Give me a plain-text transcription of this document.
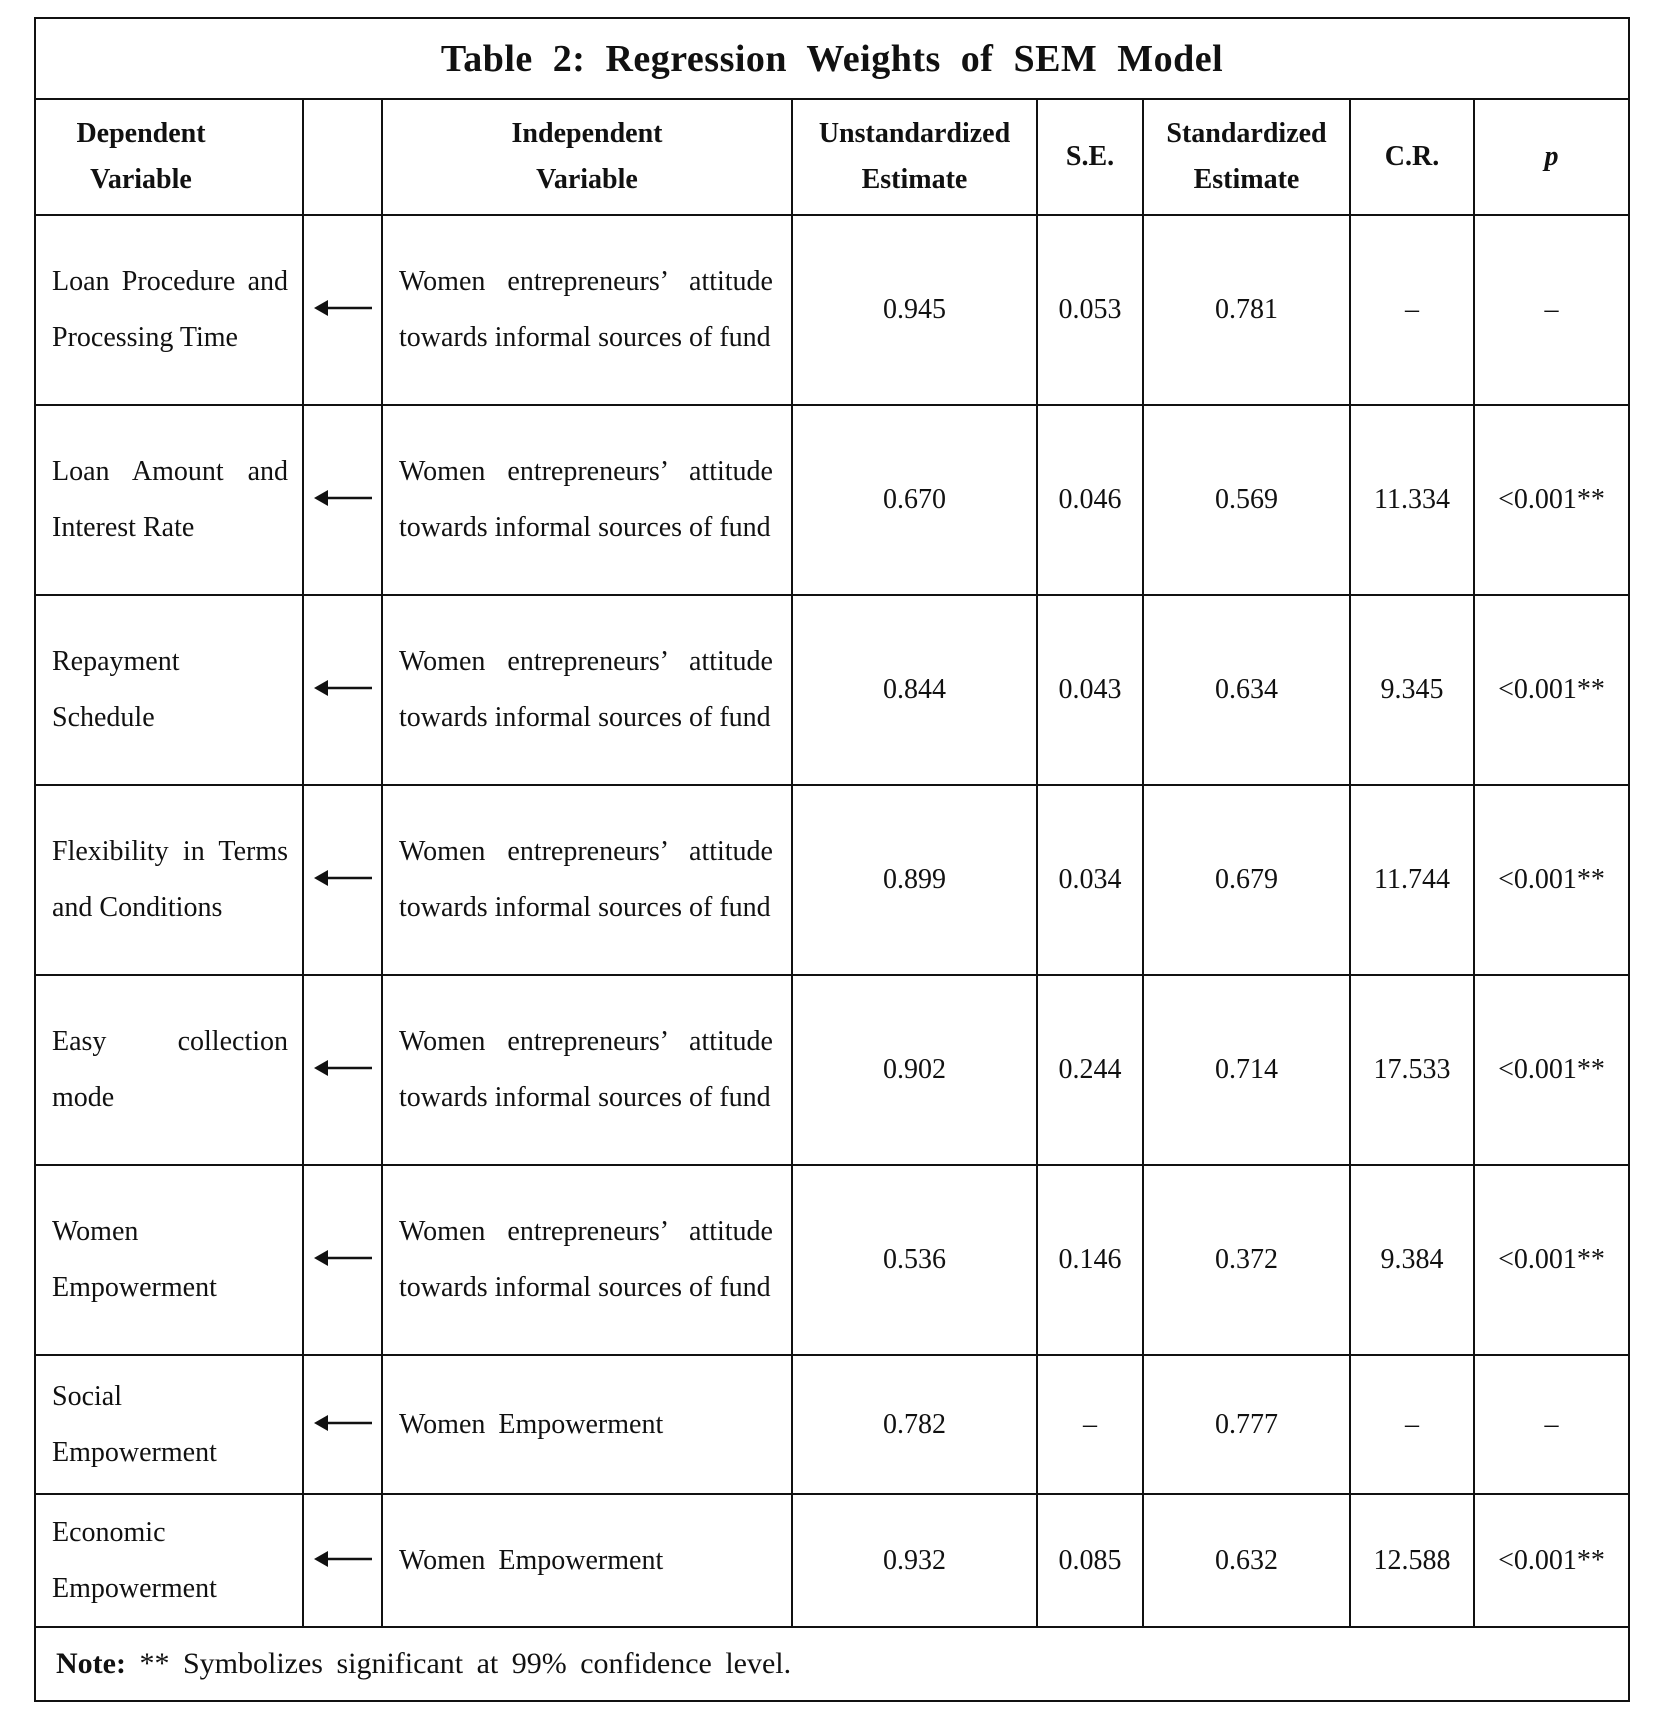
Table 2: Regression Weights of SEM Model							
Dependent Variable		Independent Variable	Unstandardized Estimate	S.E.	Standardized Estimate	C.R.	p
Loan Procedure and Processing Time		Women entrepreneurs’ attitude towards informal sources of fund	0.945	0.053	0.781	–	–
Loan Amount and Interest Rate		Women entrepreneurs’ attitude towards informal sources of fund	0.670	0.046	0.569	11.334	<0.001**
Repayment Schedule		Women entrepreneurs’ attitude towards informal sources of fund	0.844	0.043	0.634	9.345	<0.001**
Flexibility in Terms and Conditions		Women entrepreneurs’ attitude towards informal sources of fund	0.899	0.034	0.679	11.744	<0.001**
Easy collection mode		Women entrepreneurs’ attitude towards informal sources of fund	0.902	0.244	0.714	17.533	<0.001**
Women Empowerment		Women entrepreneurs’ attitude towards informal sources of fund	0.536	0.146	0.372	9.384	<0.001**
Social Empowerment		Women Empowerment	0.782	–	0.777	–	–
Economic Empowerment		Women Empowerment	0.932	0.085	0.632	12.588	<0.001**
Note: ** Symbolizes significant at 99% confidence level.							
